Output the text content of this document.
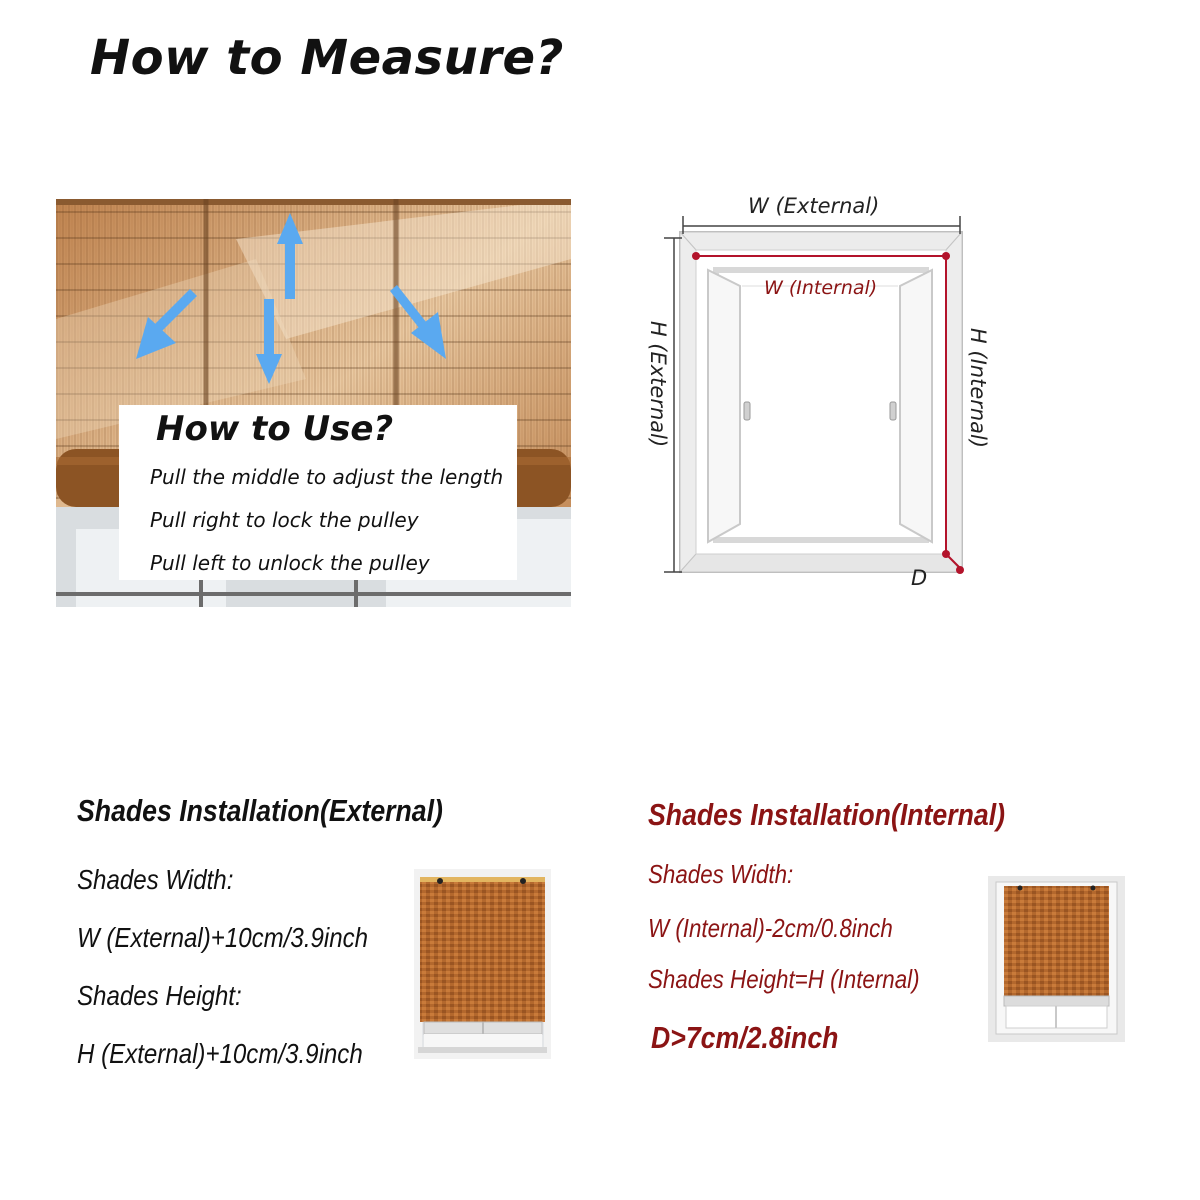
How to Measure?
How to Use?
Pull the middle to adjust the length
Pull right to lock the pulley
Pull left to unlock the pulley
W (External)
W (Internal)
H (External)	H (Internal)
D
Shades Installation(External)
Shades Width:
W (External)+10cm/3.9inch
Shades Height:
H (External)+10cm/3.9inch
Shades Installation(Internal)
Shades Width:
W (Internal)-2cm/0.8inch
Shades Height=H (Internal)
D>7cm/2.8inch
